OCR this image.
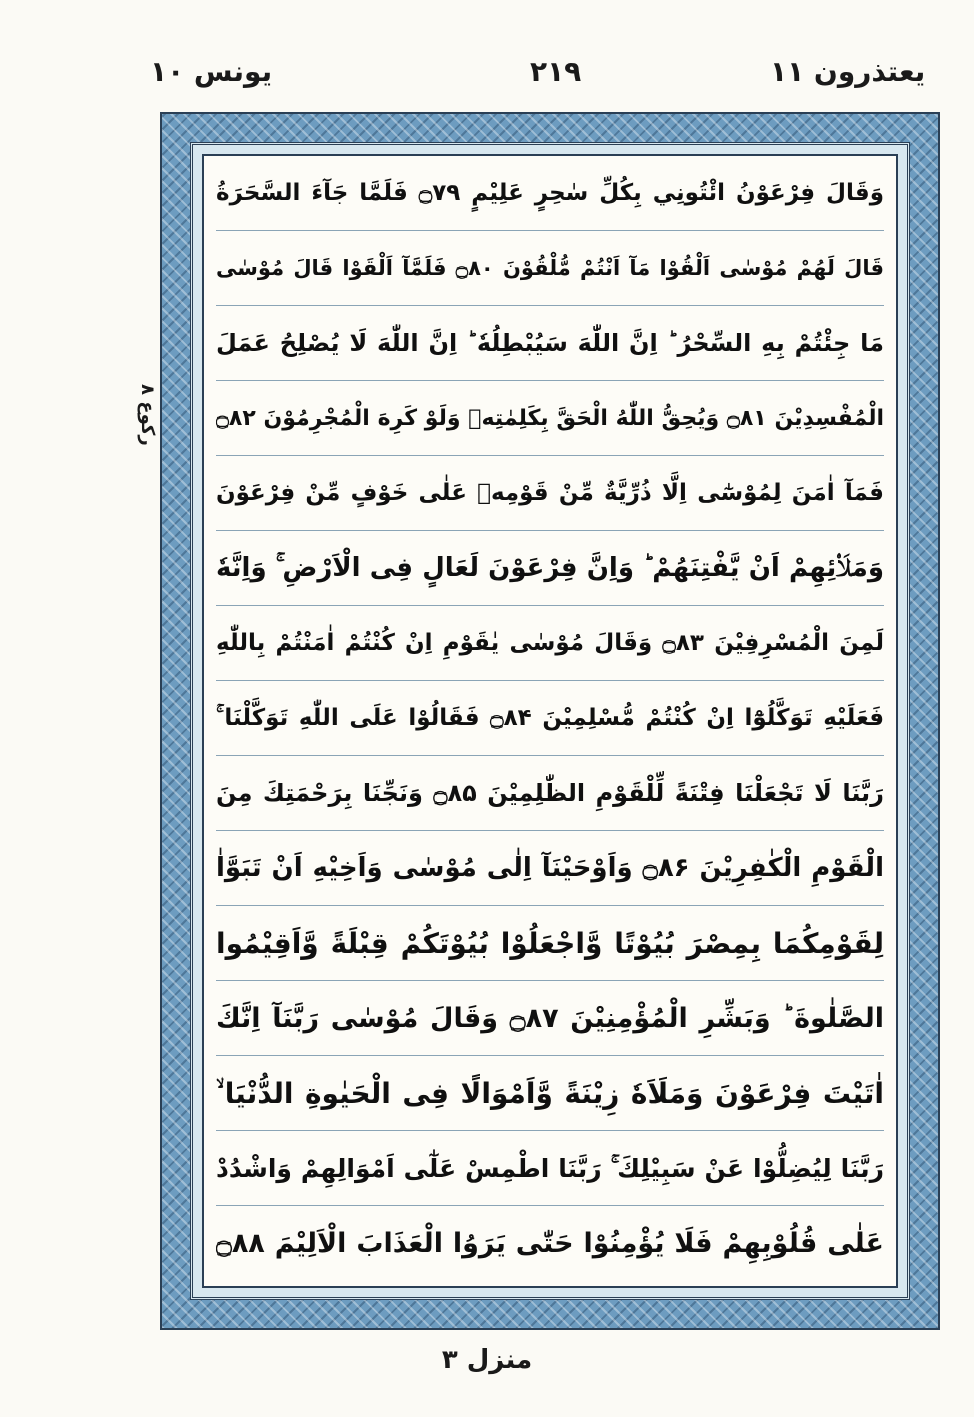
یونس ۱۰	۲۱۹	یعتذرون ۱۱
رکوع ۸
وَقَالَ فِرْعَوْنُ ائْتُونِي بِكُلِّ سٰحِرٍ عَلِيْمٍ ۝۷۹ فَلَمَّا جَآءَ السَّحَرَةُ
قَالَ لَهُمْ مُوْسٰى اَلْقُوْا مَآ اَنْتُمْ مُّلْقُوْنَ ۝۸۰ فَلَمَّآ اَلْقَوْا قَالَ مُوْسٰى
مَا جِئْتُمْ بِهِ السِّحْرُ ؕ اِنَّ اللّٰهَ سَيُبْطِلُهٗ ؕ اِنَّ اللّٰهَ لَا يُصْلِحُ عَمَلَ
الْمُفْسِدِيْنَ ۝۸۱ وَيُحِقُّ اللّٰهُ الْحَقَّ بِكَلِمٰتِهٖ وَلَوْ كَرِهَ الْمُجْرِمُوْنَ ۝۸۲
فَمَآ اٰمَنَ لِمُوْسٰٓى اِلَّا ذُرِّيَّةٌ مِّنْ قَوْمِهٖ عَلٰى خَوْفٍ مِّنْ فِرْعَوْنَ
وَمَلَا۟ئِهِمْ اَنْ يَّفْتِنَهُمْ ؕ وَاِنَّ فِرْعَوْنَ لَعَالٍ فِى الْاَرْضِ ۚ وَاِنَّهٗ
لَمِنَ الْمُسْرِفِيْنَ ۝۸۳ وَقَالَ مُوْسٰى يٰقَوْمِ اِنْ كُنْتُمْ اٰمَنْتُمْ بِاللّٰهِ
فَعَلَيْهِ تَوَكَّلُوْٓا اِنْ كُنْتُمْ مُّسْلِمِيْنَ ۝۸۴ فَقَالُوْا عَلَى اللّٰهِ تَوَكَّلْنَا ۚ
رَبَّنَا لَا تَجْعَلْنَا فِتْنَةً لِّلْقَوْمِ الظّٰلِمِيْنَ ۝۸۵ وَنَجِّنَا بِرَحْمَتِكَ مِنَ
الْقَوْمِ الْكٰفِرِيْنَ ۝۸۶ وَاَوْحَيْنَآ اِلٰى مُوْسٰى وَاَخِيْهِ اَنْ تَبَوَّاٰ
لِقَوْمِكُمَا بِمِصْرَ بُيُوْتًا وَّاجْعَلُوْا بُيُوْتَكُمْ قِبْلَةً وَّاَقِيْمُوا
الصَّلٰوةَ ؕ وَبَشِّرِ الْمُؤْمِنِيْنَ ۝۸۷ وَقَالَ مُوْسٰى رَبَّنَآ اِنَّكَ
اٰتَيْتَ فِرْعَوْنَ وَمَلَاَهٗ زِيْنَةً وَّاَمْوَالًا فِى الْحَيٰوةِ الدُّنْيَا ۙ
رَبَّنَا لِيُضِلُّوْا عَنْ سَبِيْلِكَ ۚ رَبَّنَا اطْمِسْ عَلٰٓى اَمْوَالِهِمْ وَاشْدُدْ
عَلٰى قُلُوْبِهِمْ فَلَا يُؤْمِنُوْا حَتّٰى يَرَوُا الْعَذَابَ الْاَلِيْمَ ۝۸۸
منزل ۳
